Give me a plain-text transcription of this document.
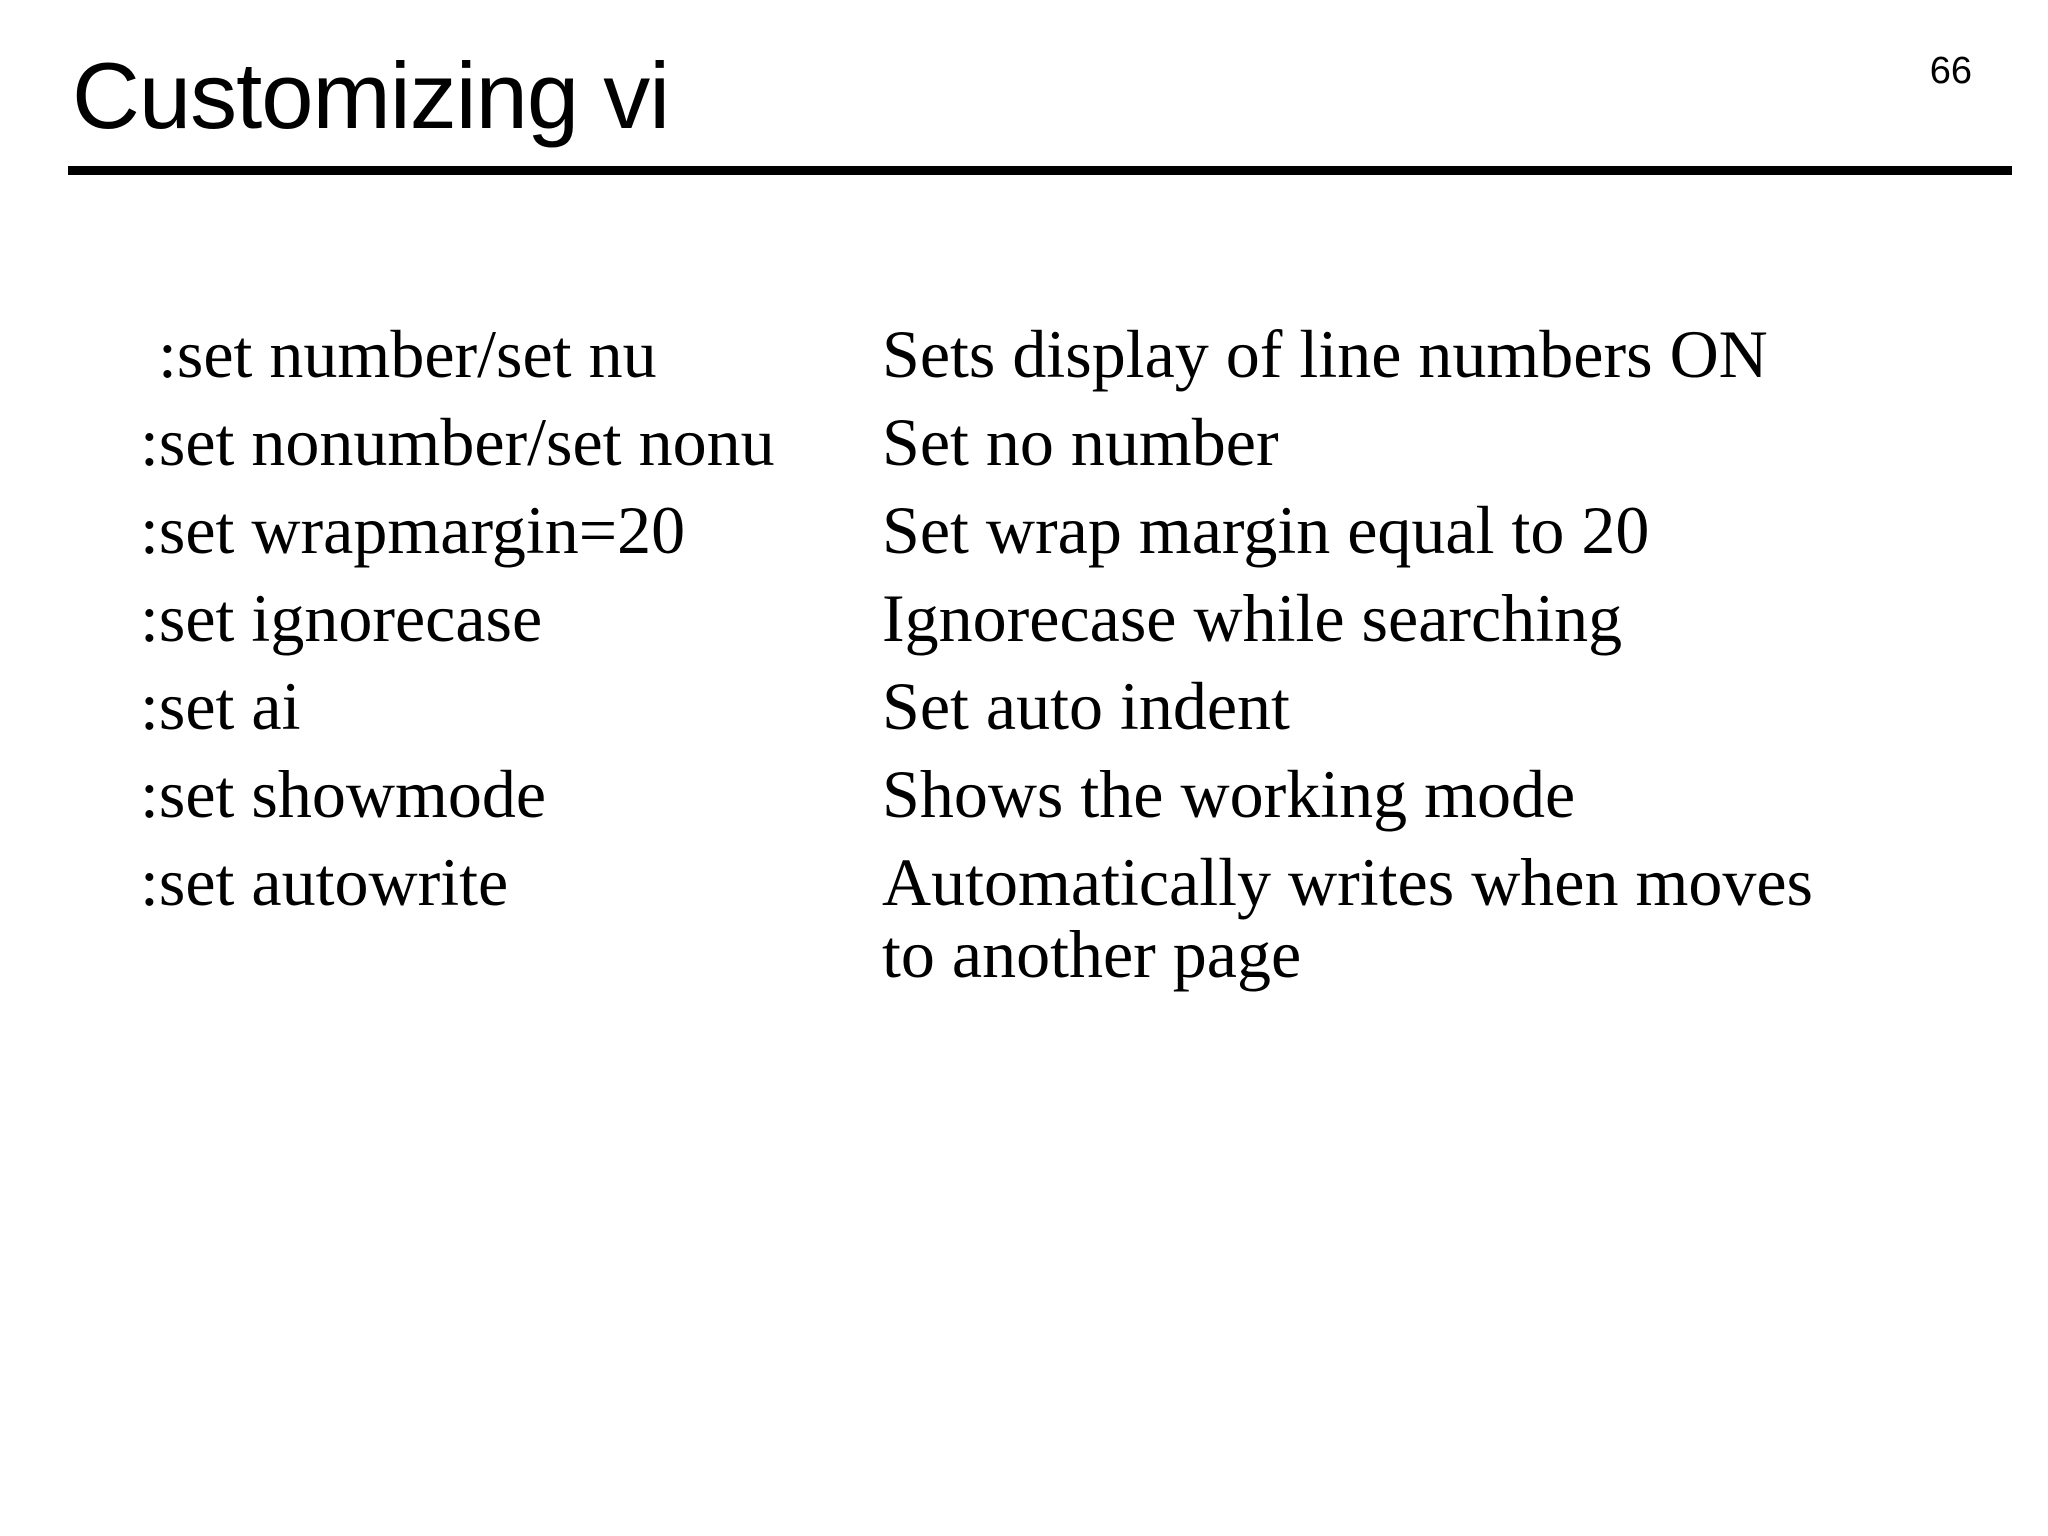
Customizing vi	66
:set number/set nu	Sets display of line numbers ON
:set nonumber/set nonu	Set no number
:set wrapmargin=20	Set wrap margin equal to 20
:set ignorecase	Ignorecase while searching
:set ai	Set auto indent
:set showmode	Shows the working mode
:set autowrite	Automatically writes when moves to another page
